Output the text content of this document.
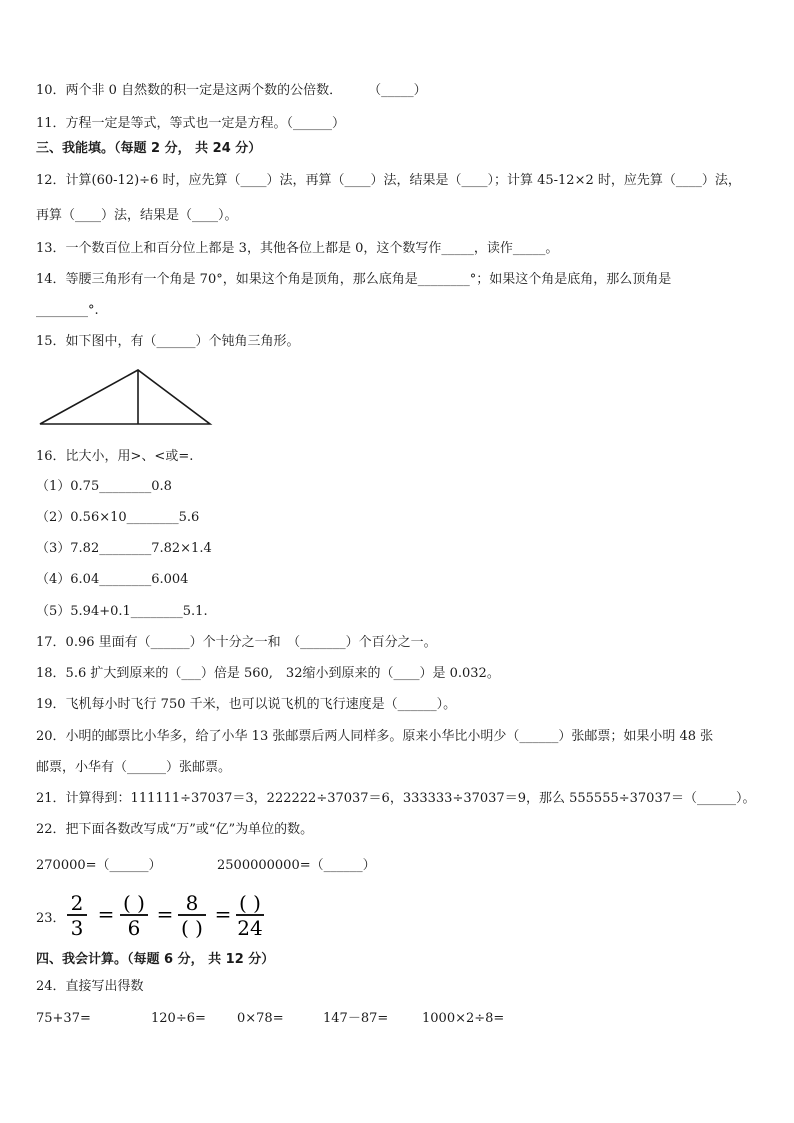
10．两个非 0 自然数的积一定是这两个数的公倍数．　　　（_____）
11．方程一定是等式，等式也一定是方程。（______）
三、我能填。（每题 2 分， 共 24 分）
12．计算(60-12)÷6 时，应先算（____）法，再算（____）法，结果是（____）；计算 45-12×2 时，应先算（____）法，
再算（____）法，结果是（____）。
13．一个数百位上和百分位上都是 3，其他各位上都是 0，这个数写作_____，读作_____。
14．等腰三角形有一个角是 70°，如果这个角是顶角，那么底角是________°；如果这个角是底角，那么顶角是
________°.
15．如下图中，有（______）个钝角三角形。
16．比大小，用>、<或=.
（1）0.75________0.8
（2）0.56×10________5.6
（3）7.82________7.82×1.4
（4）6.04________6.004
（5）5.94+0.1________5.1.
17．0.96 里面有（______）个十分之一和　（_______）个百分之一。
18．5.6 扩大到原来的（___）倍是 560,　32缩小到原来的（____）是 0.032。
19．飞机每小时飞行 750 千米，也可以说飞机的飞行速度是（______）。
20．小明的邮票比小华多，给了小华 13 张邮票后两人同样多。原来小华比小明少（______）张邮票；如果小明 48 张
邮票，小华有（______）张邮票。
21．计算得到：111111÷37037＝3，222222÷37037＝6，333333÷37037＝9，那么 555555÷37037＝（______）。
22．把下面各数改写成“万”或“亿”为单位的数。
270000=（______）	2500000000=（______）
23．
2
3
= ( )
6
= 8
( )
= ( )
24
四、我会计算。（每题 6 分， 共 12 分）
24．直接写出得数
75+37=	120÷6= 0×78=	147－87=	1000×2÷8=
